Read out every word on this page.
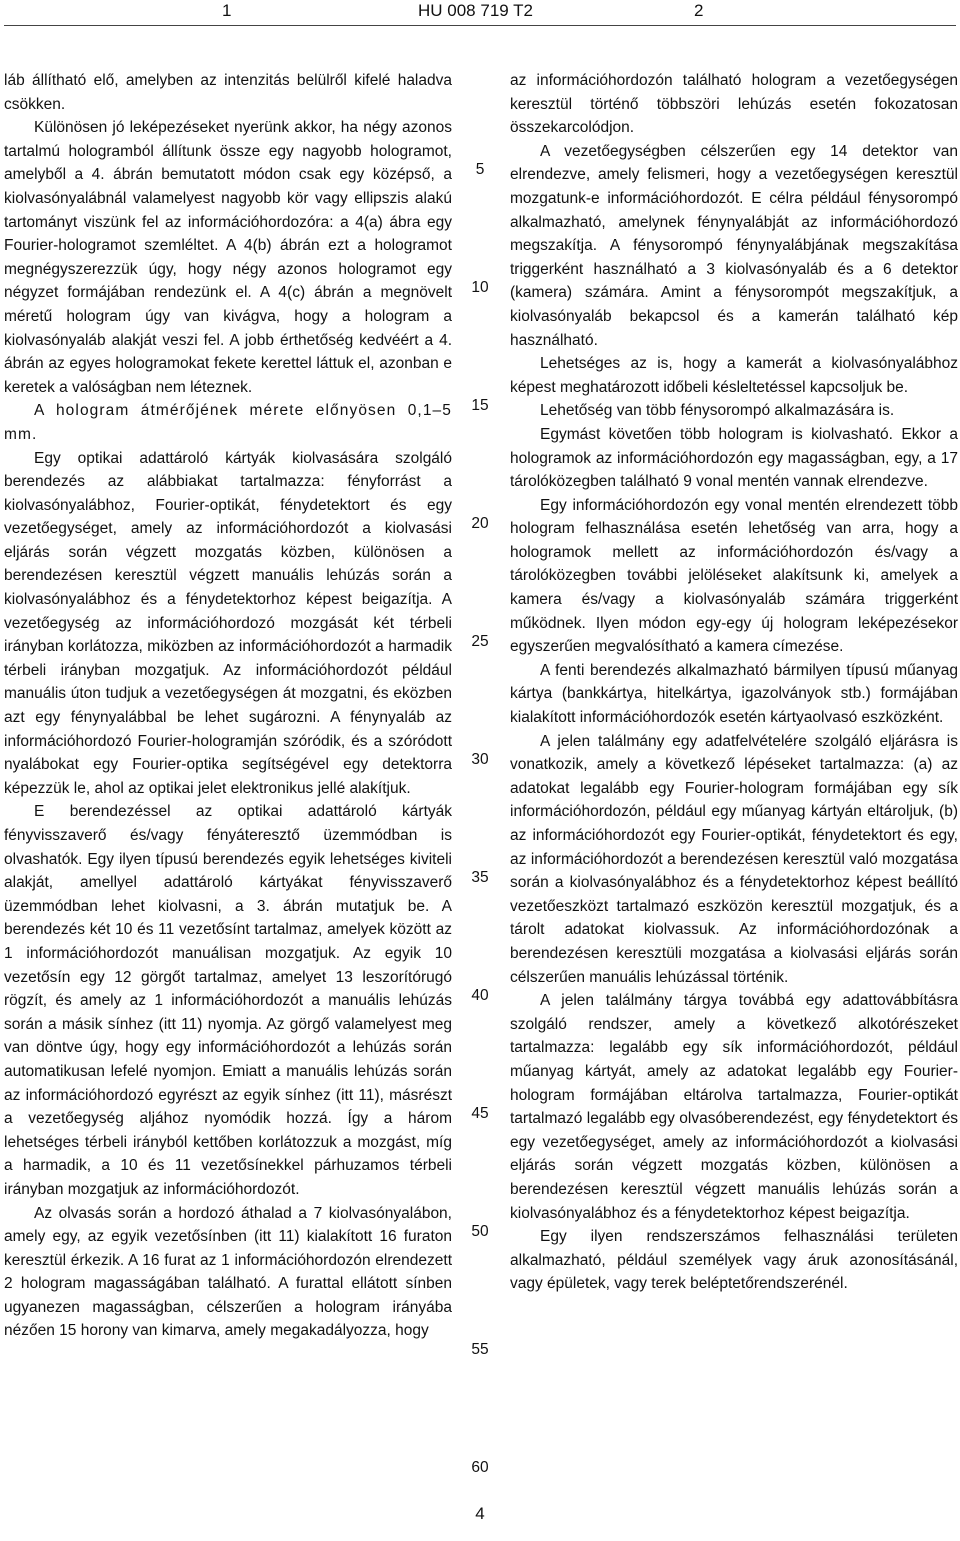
1	HU 008 719 T2	2

láb állítható elő, amelyben az intenzitás belülről kifelé haladva csökken.

Különösen jó leképezéseket nyerünk akkor, ha négy azonos tartalmú hologramból állítunk össze egy nagyobb hologramot, amelyből a 4. ábrán bemutatott módon csak egy középső, a kiolvasónyalábnál valamelyest nagyobb kör vagy ellipszis alakú tartományt viszünk fel az információhordozóra: a 4(a) ábra egy Fourier-hologramot szemléltet. A 4(b) ábrán ezt a hologramot megnégyszerezzük úgy, hogy négy azonos hologramot egy négyzet formájában rendezünk el. A 4(c) ábrán a megnövelt méretű hologram úgy van kivágva, hogy a hologram a kiolvasónyaláb alakját veszi fel. A jobb érthetőség kedvéért a 4. ábrán az egyes hologramokat fekete kerettel láttuk el, azonban e keretek a valóságban nem léteznek.

A hologram átmérőjének mérete előnyösen 0,1–5 mm.

Egy optikai adattároló kártyák kiolvasására szolgáló berendezés az alábbiakat tartalmazza: fényforrást a kiolvasónyalábhoz, Fourier-optikát, fénydetektort és egy vezetőegységet, amely az információhordozót a kiolvasási eljárás során végzett mozgatás közben, különösen a berendezésen keresztül végzett manuális lehúzás során a kiolvasónyalábhoz és a fénydetektorhoz képest beigazítja. A vezetőegység az információhordozó mozgását két térbeli irányban korlátozza, miközben az információhordozót a harmadik térbeli irányban mozgatjuk. Az információhordozót például manuális úton tudjuk a vezetőegységen át mozgatni, és eközben azt egy fénynyalábbal be lehet sugározni. A fénynyaláb az információhordozó Fourier-hologramján szóródik, és a szóródott nyalábokat egy Fourier-optika segítségével egy detektorra képezzük le, ahol az optikai jelet elektronikus jellé alakítjuk.

E berendezéssel az optikai adattároló kártyák fényvisszaverő és/vagy fényáteresztő üzemmódban is olvashatók. Egy ilyen típusú berendezés egyik lehetséges kiviteli alakját, amellyel adattároló kártyákat fényvisszaverő üzemmódban lehet kiolvasni, a 3. ábrán mutatjuk be. A berendezés két 10 és 11 vezetősínt tartalmaz, amelyek között az 1 információhordozót manuálisan mozgatjuk. Az egyik 10 vezetősín egy 12 görgőt tartalmaz, amelyet 13 leszorítórugó rögzít, és amely az 1 információhordozót a manuális lehúzás során a másik sínhez (itt 11) nyomja. Az görgő valamelyest meg van döntve úgy, hogy egy információhordozót a lehúzás során automatikusan lefelé nyomjon. Emiatt a manuális lehúzás során az információhordozó egyrészt az egyik sínhez (itt 11), másrészt a vezetőegység aljához nyomódik hozzá. Így a három lehetséges térbeli irányból kettőben korlátozzuk a mozgást, míg a harmadik, a 10 és 11 vezetősínekkel párhuzamos térbeli irányban mozgatjuk az információhordozót.

Az olvasás során a hordozó áthalad a 7 kiolvasónyalábon, amely egy, az egyik vezetősínben (itt 11) kialakított 16 furaton keresztül érkezik. A 16 furat az 1 információhordozón elrendezett 2 hologram magasságában található. A furattal ellátott sínben ugyanezen magasságban, célszerűen a hologram irányába nézően 15 horony van kimarva, amely megakadályozza, hogy

5
10
15
20
25
30
35
40
45
50
55
60

az információhordozón található hologram a vezetőegységen keresztül történő többszöri lehúzás esetén fokozatosan összekarcolódjon.

A vezetőegységben célszerűen egy 14 detektor van elrendezve, amely felismeri, hogy a vezetőegységen keresztül mozgatunk-e információhordozót. E célra például fénysorompó alkalmazható, amelynek fénynyalábját az információhordozó megszakítja. A fénysorompó fénynyalábjának megszakítása triggerként használható a 3 kiolvasónyaláb és a 6 detektor (kamera) számára. Amint a fénysorompót megszakítjuk, a kiolvasónyaláb bekapcsol és a kamerán található kép használható.

Lehetséges az is, hogy a kamerát a kiolvasónyalábhoz képest meghatározott időbeli késleltetéssel kapcsoljuk be.

Lehetőség van több fénysorompó alkalmazására is.

Egymást követően több hologram is kiolvasható. Ekkor a hologramok az információhordozón egy magasságban, egy, a 17 tárolóközegben található 9 vonal mentén vannak elrendezve.

Egy információhordozón egy vonal mentén elrendezett több hologram felhasználása esetén lehetőség van arra, hogy a hologramok mellett az információhordozón és/vagy a tárolóközegben további jelöléseket alakítsunk ki, amelyek a kamera és/vagy a kiolvasónyaláb számára triggerként működnek. Ilyen módon egy-egy új hologram leképezésekor egyszerűen megvalósítható a kamera címezése.

A fenti berendezés alkalmazható bármilyen típusú műanyag kártya (bankkártya, hitelkártya, igazolványok stb.) formájában kialakított információhordozók esetén kártyaolvasó eszközként.

A jelen találmány egy adatfelvételére szolgáló eljárásra is vonatkozik, amely a következő lépéseket tartalmazza: (a) az adatokat legalább egy Fourier-hologram formájában egy sík információhordozón, például egy műanyag kártyán eltároljuk, (b) az információhordozót egy Fourier-optikát, fénydetektort és egy, az információhordozót a berendezésen keresztül való mozgatása során a kiolvasónyalábhoz és a fénydetektorhoz képest beállító vezetőeszközt tartalmazó eszközön keresztül mozgatjuk, és a tárolt adatokat kiolvassuk. Az információhordozónak a berendezésen keresztüli mozgatása a kiolvasási eljárás során célszerűen manuális lehúzással történik.

A jelen találmány tárgya továbbá egy adattovábbításra szolgáló rendszer, amely a következő alkotórészeket tartalmazza: legalább egy sík információhordozót, például műanyag kártyát, amely az adatokat legalább egy Fourier-hologram formájában eltárolva tartalmazza, Fourier-optikát tartalmazó legalább egy olvasóberendezést, egy fénydetektort és egy vezetőegységet, amely az információhordozót a kiolvasási eljárás során végzett mozgatás közben, különösen a berendezésen keresztül végzett manuális lehúzás során a kiolvasónyalábhoz és a fénydetektorhoz képest beigazítja.

Egy ilyen rendszerszámos felhasználási területen alkalmazható, például személyek vagy áruk azonosításánál, vagy épületek, vagy terek beléptetőrendszerénél.

4
